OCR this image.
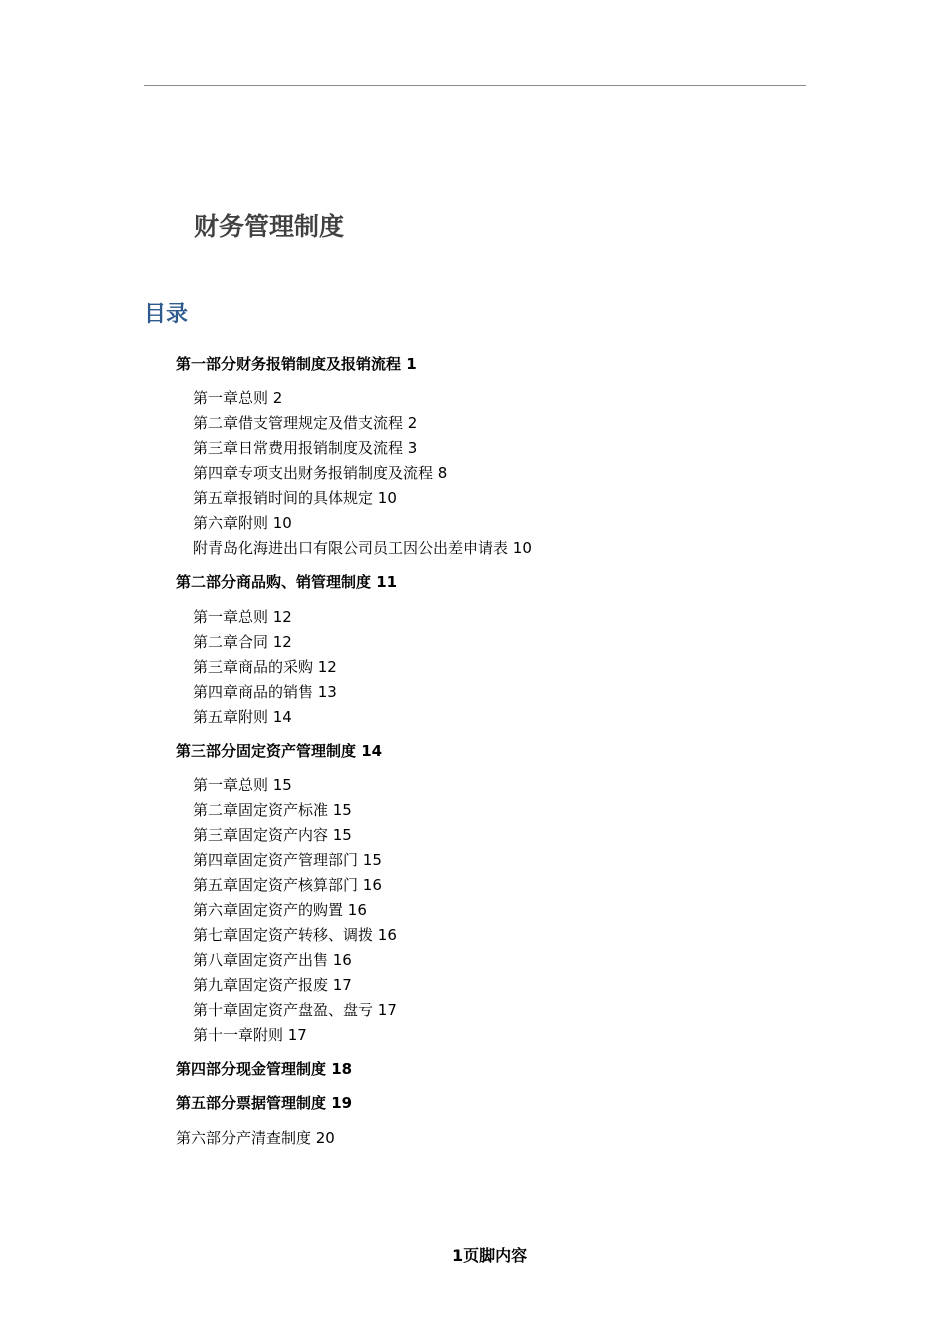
财务管理制度
目录
第一部分财务报销制度及报销流程 1
第一章总则 2
第二章借支管理规定及借支流程 2
第三章日常费用报销制度及流程 3
第四章专项支出财务报销制度及流程 8
第五章报销时间的具体规定 10
第六章附则 10
附青岛化海进出口有限公司员工因公出差申请表 10
第二部分商品购、销管理制度 11
第一章总则 12
第二章合同 12
第三章商品的采购 12
第四章商品的销售 13
第五章附则 14
第三部分固定资产管理制度 14
第一章总则 15
第二章固定资产标准 15
第三章固定资产内容 15
第四章固定资产管理部门 15
第五章固定资产核算部门 16
第六章固定资产的购置 16
第七章固定资产转移、调拨 16
第八章固定资产出售 16
第九章固定资产报废 17
第十章固定资产盘盈、盘亏 17
第十一章附则 17
第四部分现金管理制度 18
第五部分票据管理制度 19
第六部分产清查制度 20
1页脚内容
